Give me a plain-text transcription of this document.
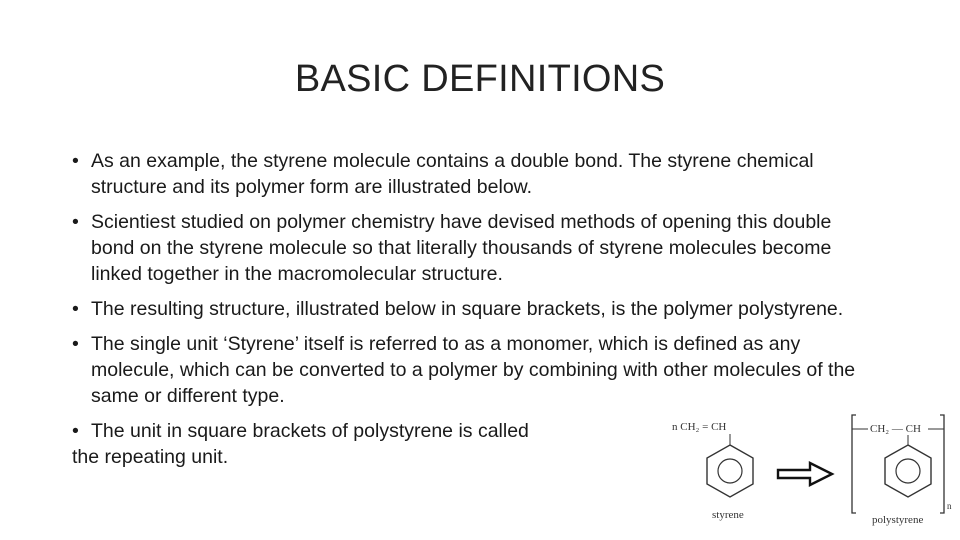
BASIC DEFINITIONS
• As an example, the styrene molecule contains a double bond. The styrene chemical structure and its polymer form are illustrated below.
• Scientiest studied on polymer chemistry have devised methods of opening this double bond on the styrene molecule so that literally thousands of styrene molecules become linked together in the macromolecular structure.
• The resulting structure, illustrated below in square brackets, is the polymer polystyrene.
• The single unit ‘Styrene’ itself is referred to as a monomer, which is defined as any molecule, which can be converted to a polymer by combining with other molecules of the same or different type.
• The unit in square brackets of polystyrene is called
the repeating unit.
n CH₂ = CH
styrene
CH₂ — CH
n
polystyrene
